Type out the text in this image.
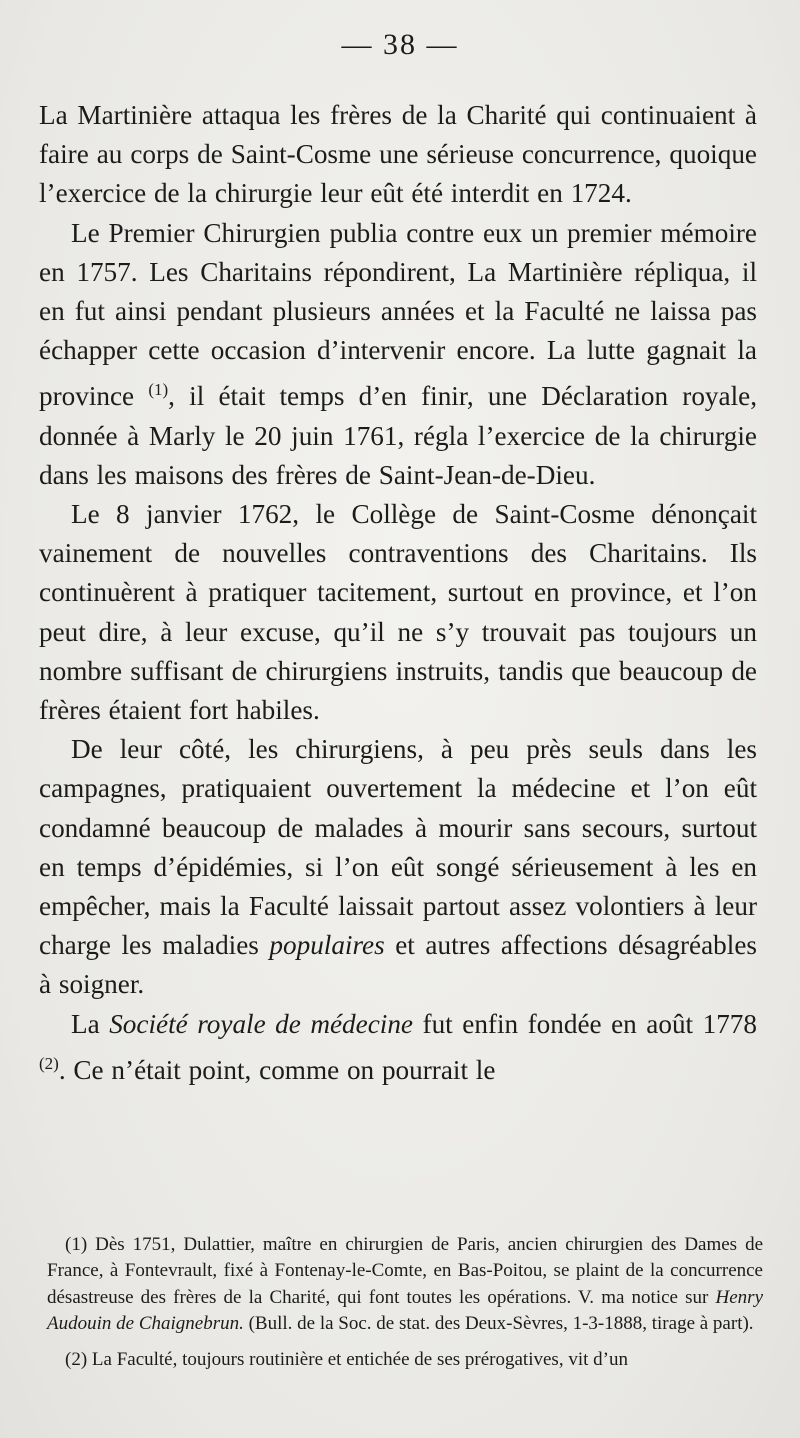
— 38 —

La Martinière attaqua les frères de la Charité qui continuaient à faire au corps de Saint-Cosme une sérieuse concurrence, quoique l’exercice de la chirurgie leur eût été interdit en 1724.

Le Premier Chirurgien publia contre eux un premier mémoire en 1757. Les Charitains répondirent, La Martinière répliqua, il en fut ainsi pendant plusieurs années et la Faculté ne laissa pas échapper cette occasion d’intervenir encore. La lutte gagnait la province $^{(1)}$, il était temps d’en finir, une Déclaration royale, donnée à Marly le 20 juin 1761, régla l’exercice de la chirurgie dans les maisons des frères de Saint-Jean-de-Dieu.

Le 8 janvier 1762, le Collège de Saint-Cosme dénonçait vainement de nouvelles contraventions des Charitains. Ils continuèrent à pratiquer tacitement, surtout en province, et l’on peut dire, à leur excuse, qu’il ne s’y trouvait pas toujours un nombre suffisant de chirurgiens instruits, tandis que beaucoup de frères étaient fort habiles.

De leur côté, les chirurgiens, à peu près seuls dans les campagnes, pratiquaient ouvertement la médecine et l’on eût condamné beaucoup de malades à mourir sans secours, surtout en temps d’épidémies, si l’on eût songé sérieusement à les en empêcher, mais la Faculté laissait partout assez volontiers à leur charge les maladies populaires et autres affections désagréables à soigner.

La Société royale de médecine fut enfin fondée en août 1778 $^{(2)}$. Ce n’était point, comme on pourrait le

(1) Dès 1751, Dulattier, maître en chirurgien de Paris, ancien chirurgien des Dames de France, à Fontevrault, fixé à Fontenay-le-Comte, en Bas-Poitou, se plaint de la concurrence désastreuse des frères de la Charité, qui font toutes les opérations. V. ma notice sur Henry Audouin de Chaignebrun. (Bull. de la Soc. de stat. des Deux-Sèvres, 1-3-1888, tirage à part).

(2) La Faculté, toujours routinière et entichée de ses prérogatives, vit d’un
